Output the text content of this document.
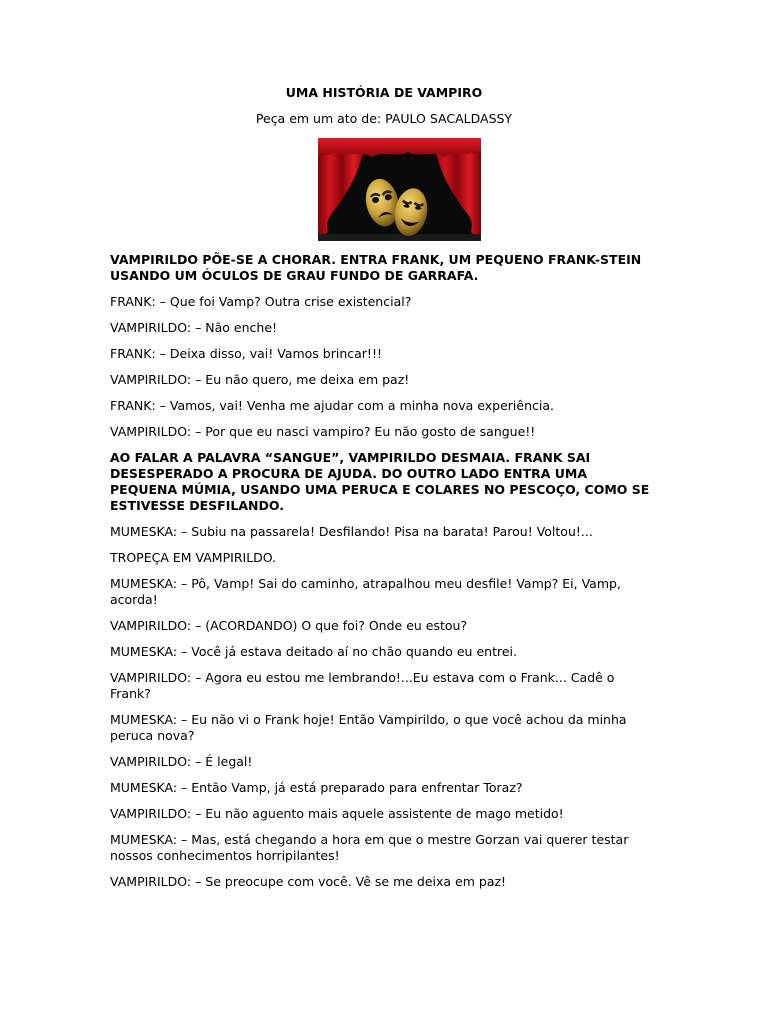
UMA HISTÓRIA DE VAMPIRO
Peça em um ato de: PAULO SACALDASSY

VAMPIRILDO PÕE-SE A CHORAR. ENTRA FRANK, UM PEQUENO FRANK-STEIN USANDO UM ÓCULOS DE GRAU FUNDO DE GARRAFA.

FRANK: – Que foi Vamp? Outra crise existencial?

VAMPIRILDO: – Não enche!

FRANK: – Deixa disso, vai! Vamos brincar!!!

VAMPIRILDO: – Eu não quero, me deixa em paz!

FRANK: – Vamos, vai! Venha me ajudar com a minha nova experiência.

VAMPIRILDO: – Por que eu nasci vampiro? Eu não gosto de sangue!!

AO FALAR A PALAVRA “SANGUE”, VAMPIRILDO DESMAIA. FRANK SAI DESESPERADO A PROCURA DE AJUDA. DO OUTRO LADO ENTRA UMA PEQUENA MÚMIA, USANDO UMA PERUCA E COLARES NO PESCOÇO, COMO SE ESTIVESSE DESFILANDO.

MUMESKA: – Subiu na passarela! Desfilando! Pisa na barata! Parou! Voltou!...

TROPEÇA EM VAMPIRILDO.

MUMESKA: – Pô, Vamp! Sai do caminho, atrapalhou meu desfile! Vamp? Ei, Vamp, acorda!

VAMPIRILDO: – (ACORDANDO) O que foi? Onde eu estou?

MUMESKA: – Você já estava deitado aí no chão quando eu entrei.

VAMPIRILDO: – Agora eu estou me lembrando!...Eu estava com o Frank... Cadê o Frank?

MUMESKA: – Eu não vi o Frank hoje! Então Vampirildo, o que você achou da minha peruca nova?

VAMPIRILDO: – É legal!

MUMESKA: – Então Vamp, já está preparado para enfrentar Toraz?

VAMPIRILDO: – Eu não aguento mais aquele assistente de mago metido!

MUMESKA: – Mas, está chegando a hora em que o mestre Gorzan vai querer testar nossos conhecimentos horripilantes!

VAMPIRILDO: – Se preocupe com você. Vê se me deixa em paz!
